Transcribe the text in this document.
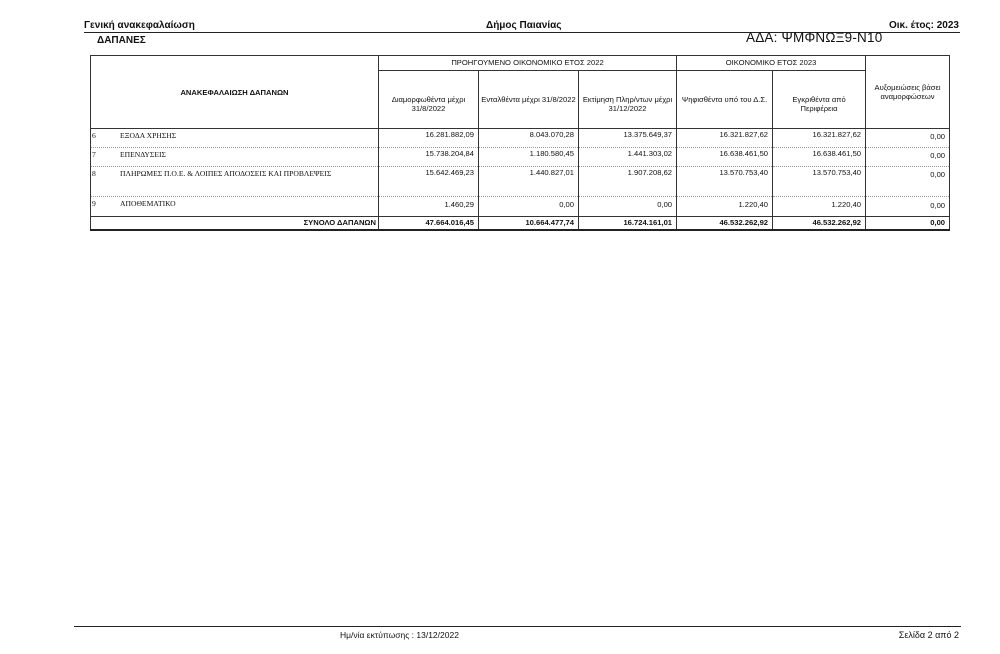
Γενική ανακεφαλαίωση	Δήμος Παιανίας	Οικ. έτος: 2023
ΔΑΠΑΝΕΣ	ΑΔΑ: ΨΜΦΝΩΞ9-Ν10
ΑΝΑΚΕΦΑΛΑΙΩΣΗ ΔΑΠΑΝΩΝ	ΠΡΟΗΓΟΥΜΕΝΟ ΟΙΚΟΝΟΜΙΚΟ ΕΤΟΣ 2022			ΟΙΚΟΝΟΜΙΚΟ ΕΤΟΣ 2023		Αυξομειώσεις βάσει αναμορφώσεων

	Διαμορφωθέντα μέχρι 31/8/2022	Ενταλθέντα μέχρι 31/8/2022	Εκτίμηση Πληρ/ντων μέχρι 31/12/2022	Ψηφισθέντα υπό του Δ.Σ.	Εγκριθέντα από Περιφέρεια	

6 ΕΞΟΔΑ ΧΡΗΣΗΣ	16.281.882,09	8.043.070,28	13.375.649,37	16.321.827,62	16.321.827,62	0,00
7 ΕΠΕΝΔΥΣΕΙΣ	15.738.204,84	1.180.580,45	1.441.303,02	16.638.461,50	16.638.461,50	0,00
8 ΠΛΗΡΩΜΕΣ Π.Ο.Ε. & ΛΟΙΠΕΣ ΑΠΟΔΟΣΕΙΣ ΚΑΙ ΠΡΟΒΛΕΨΕΙΣ	15.642.469,23	1.440.827,01	1.907.208,62	13.570.753,40	13.570.753,40	0,00
9 ΑΠΟΘΕΜΑΤΙΚΟ	1.460,29	0,00	0,00	1.220,40	1.220,40	0,00
ΣΥΝΟΛΟ ΔΑΠΑΝΩΝ	47.664.016,45	10.664.477,74	16.724.161,01	46.532.262,92	46.532.262,92	0,00
Ημ/νία εκτύπωσης : 13/12/2022	Σελίδα 2 από 2
